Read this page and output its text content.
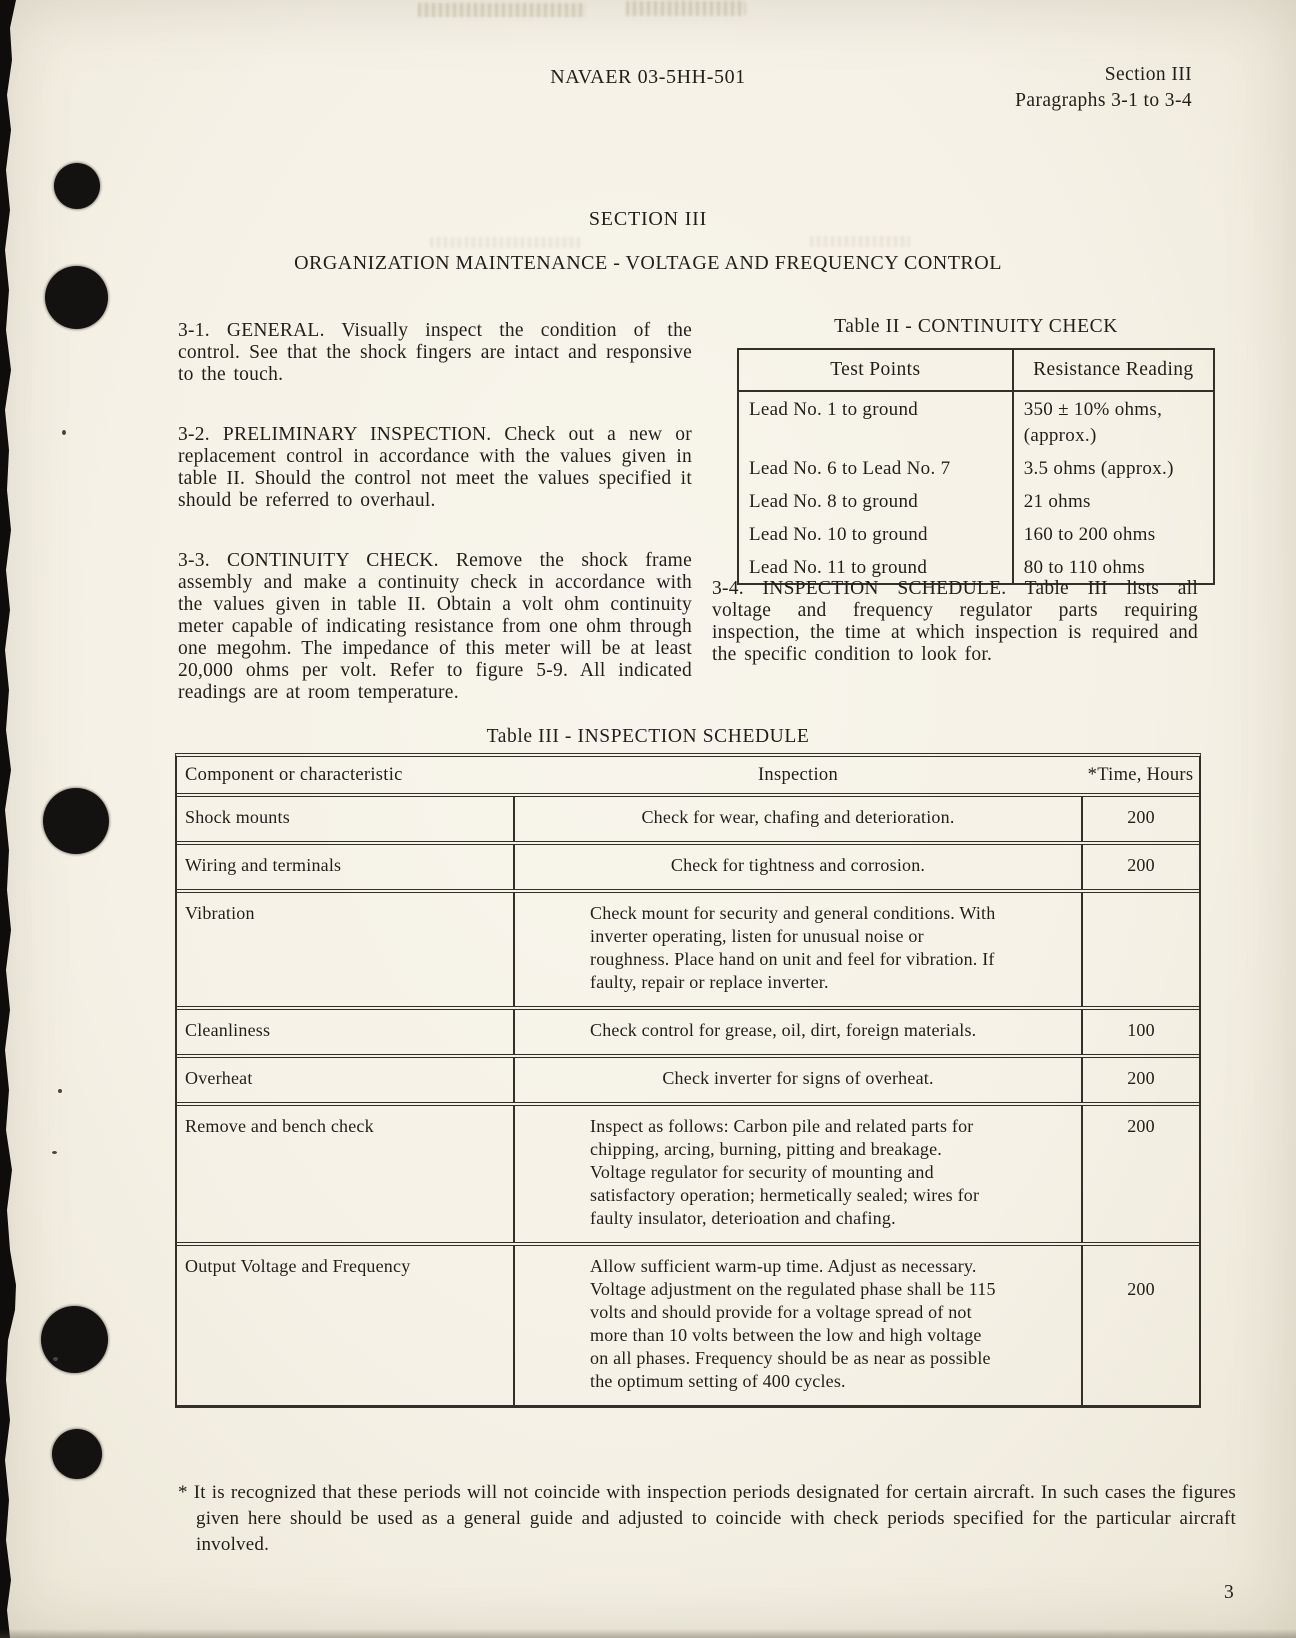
NAVAER 03-5HH-501	Section III
Paragraphs 3-1 to 3-4
SECTION III
ORGANIZATION MAINTENANCE - VOLTAGE AND FREQUENCY CONTROL

3-1. GENERAL. Visually inspect the condition of the control. See that the shock fingers are intact and responsive to the touch.

3-2. PRELIMINARY INSPECTION. Check out a new or replacement control in accordance with the values given in table II. Should the control not meet the values specified it should be referred to overhaul.

3-3. CONTINUITY CHECK. Remove the shock frame assembly and make a continuity check in accordance with the values given in table II. Obtain a volt ohm continuity meter capable of indicating resistance from one ohm through one megohm. The impedance of this meter will be at least 20,000 ohms per volt. Refer to figure 5-9. All indicated readings are at room temperature.

Table II - CONTINUITY CHECK
Test Points	Resistance Reading
Lead No. 1 to ground	350 ± 10% ohms, (approx.)
Lead No. 6 to Lead No. 7	3.5 ohms (approx.)
Lead No. 8 to ground	21 ohms
Lead No. 10 to ground	160 to 200 ohms
Lead No. 11 to ground	80 to 110 ohms
3-4. INSPECTION SCHEDULE. Table III lists all voltage and frequency regulator parts requiring inspection, the time at which inspection is required and the specific condition to look for.
Table III - INSPECTION SCHEDULE
Component or characteristic	Inspection	*Time, Hours
Shock mounts	Check for wear, chafing and deterioration.	200
Wiring and terminals	Check for tightness and corrosion.	200
Vibration	Check mount for security and general conditions. With inverter operating, listen for unusual noise or roughness. Place hand on unit and feel for vibration. If faulty, repair or replace inverter.	
Cleanliness	Check control for grease, oil, dirt, foreign materials.	100
Overheat	Check inverter for signs of overheat.	200
Remove and bench check	Inspect as follows: Carbon pile and related parts for chipping, arcing, burning, pitting and breakage. Voltage regulator for security of mounting and satisfactory operation; hermetically sealed; wires for faulty insulator, deterioation and chafing.	200
Output Voltage and Frequency	Allow sufficient warm-up time. Adjust as necessary. Voltage adjustment on the regulated phase shall be 115 volts and should provide for a voltage spread of not more than 10 volts between the low and high voltage on all phases. Frequency should be as near as possible the optimum setting of 400 cycles.	200
* It is recognized that these periods will not coincide with inspection periods designated for certain aircraft. In such cases the figures given here should be used as a general guide and adjusted to coincide with check periods specified for the particular aircraft involved.
3
